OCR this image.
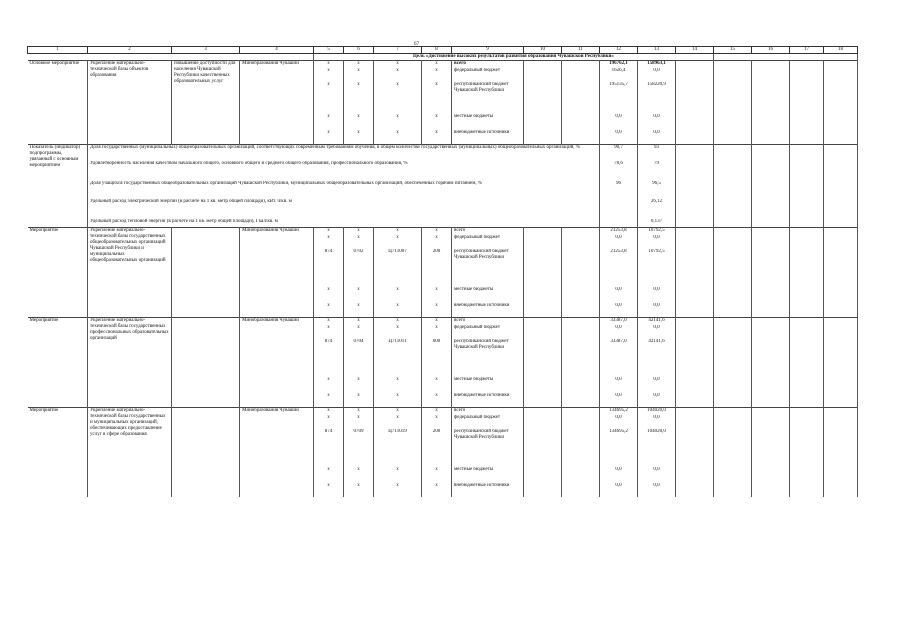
67
1	2	3	4	5	6	7	8	9	10	11	12	13	14	15	16	17	18
				Цель «Достижение высоких результатов развития образования Чувашской Республики»													
Основное мероприятие	Укрепление материально-технической базы объектов образования	повышение доступности для населения Чувашской Республики качественных образовательных услуг	Минобразования Чувашии	x	x	x	x	всего			196762,1	158963,1					
				x	x	x	x	федеральный бюджет			1626,4	0,0					
				x	x	x	x	республиканский бюджет Чувашской Республики			195135,7	158220,9					
				x	x	x	x	местные бюджеты			0,0	0,0					
				x	x	x	x	внебюджетные источники			0,0	0,0					
Показатель (индикатор) подпрограммы, увязанный с основным мероприятием	Доля государственных (муниципальных) общеобразовательных организаций, соответствующих современным требованиям обучения, в общем количестве государственных (муниципальных) общеобразовательных организаций, %										90,7	93					
	Удовлетворенность населения качеством начального общего, основного общего и среднего общего образования, профессионального образования, %										78,6	79					
	Доля учащихся государственных общеобразовательных организаций Чувашской Республики, муниципальных общеобразовательных организаций, обеспеченных горячим питанием, %										96	96,5					
	Удельный расход электрической энергии (в расчете на 1 кв. метр общей площади), кВт. ч/кв. м											26,12					
	Удельный расход тепловой энергии (в расчете на 1 кв. метр общей площади), Гкал/кв. м											0,137					
Мероприятие	Укрепление материально-технической базы государственных общеобразовательных организаций Чувашской Республики и муниципальных общеобразовательных организаций		Минобразования Чувашии	x	x	x	x	всего			21253,8	10792,5					
				x	x	x	x	федеральный бюджет			0,0	0,0					
				874	0702	Ц711007	200	республиканский бюджет Чувашской Республики			21253,8	10792,5					
				x	x	x	x	местные бюджеты			0,0	0,0					
				x	x	x	x	внебюджетные источники			0,0	0,0					
Мероприятие	Укрепление материально-технической базы государственных профессиональных образовательных организаций		Минобразования Чувашии	x	x	x	x	всего			33387,0	42141,6					
				x	x	x	x	федеральный бюджет			0,0	0,0					
				874	0704	Ц711011	600	республиканский бюджет Чувашской Республики			33387,0	42141,6					
				x	x	x	x	местные бюджеты			0,0	0,0					
				x	x	x	x	внебюджетные источники			0,0	0,0					
Мероприятие	Укрепление материально-технической базы государственных и муниципальных организаций, обеспечивающих предоставление услуг в сфере образования		Минобразования Чувашии	x	x	x	x	всего			134695,2	104020,0					
				x	x	x	x	федеральный бюджет			0,0	0,0					
				874	0709	Ц711019	200	республиканский бюджет Чувашской Республики			134695,2	104020,0					
				x	x	x	x	местные бюджеты			0,0	0,0					
				x	x	x	x	внебюджетные источники			0,0	0,0					
